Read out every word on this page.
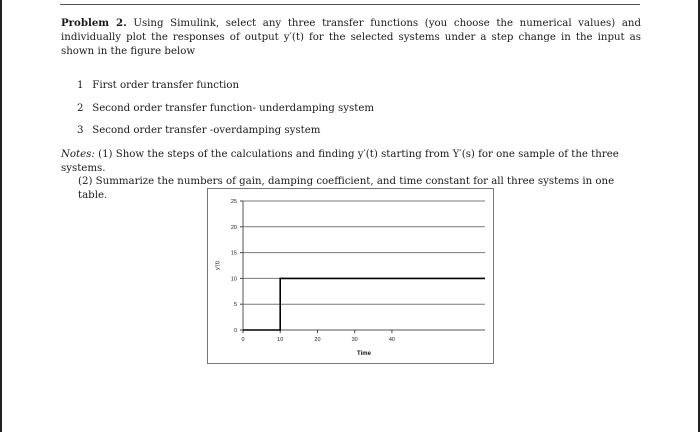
Problem 2. Using Simulink, select any three transfer functions (you choose the numerical values) and individually plot the responses of output y′(t) for the selected systems under a step change in the input as shown in the figure below
1 First order transfer function
2 Second order transfer function- underdamping system
3 Second order transfer -overdamping system
Notes: (1) Show the steps of the calculations and finding y′(t) starting from Y′(s) for one sample of the three systems.
(2) Summarize the numbers of gain, damping coefficient, and time constant for all three systems in one table.
0
5
10
15
20
25
0	10	20	30	40
Time
y′(t)
